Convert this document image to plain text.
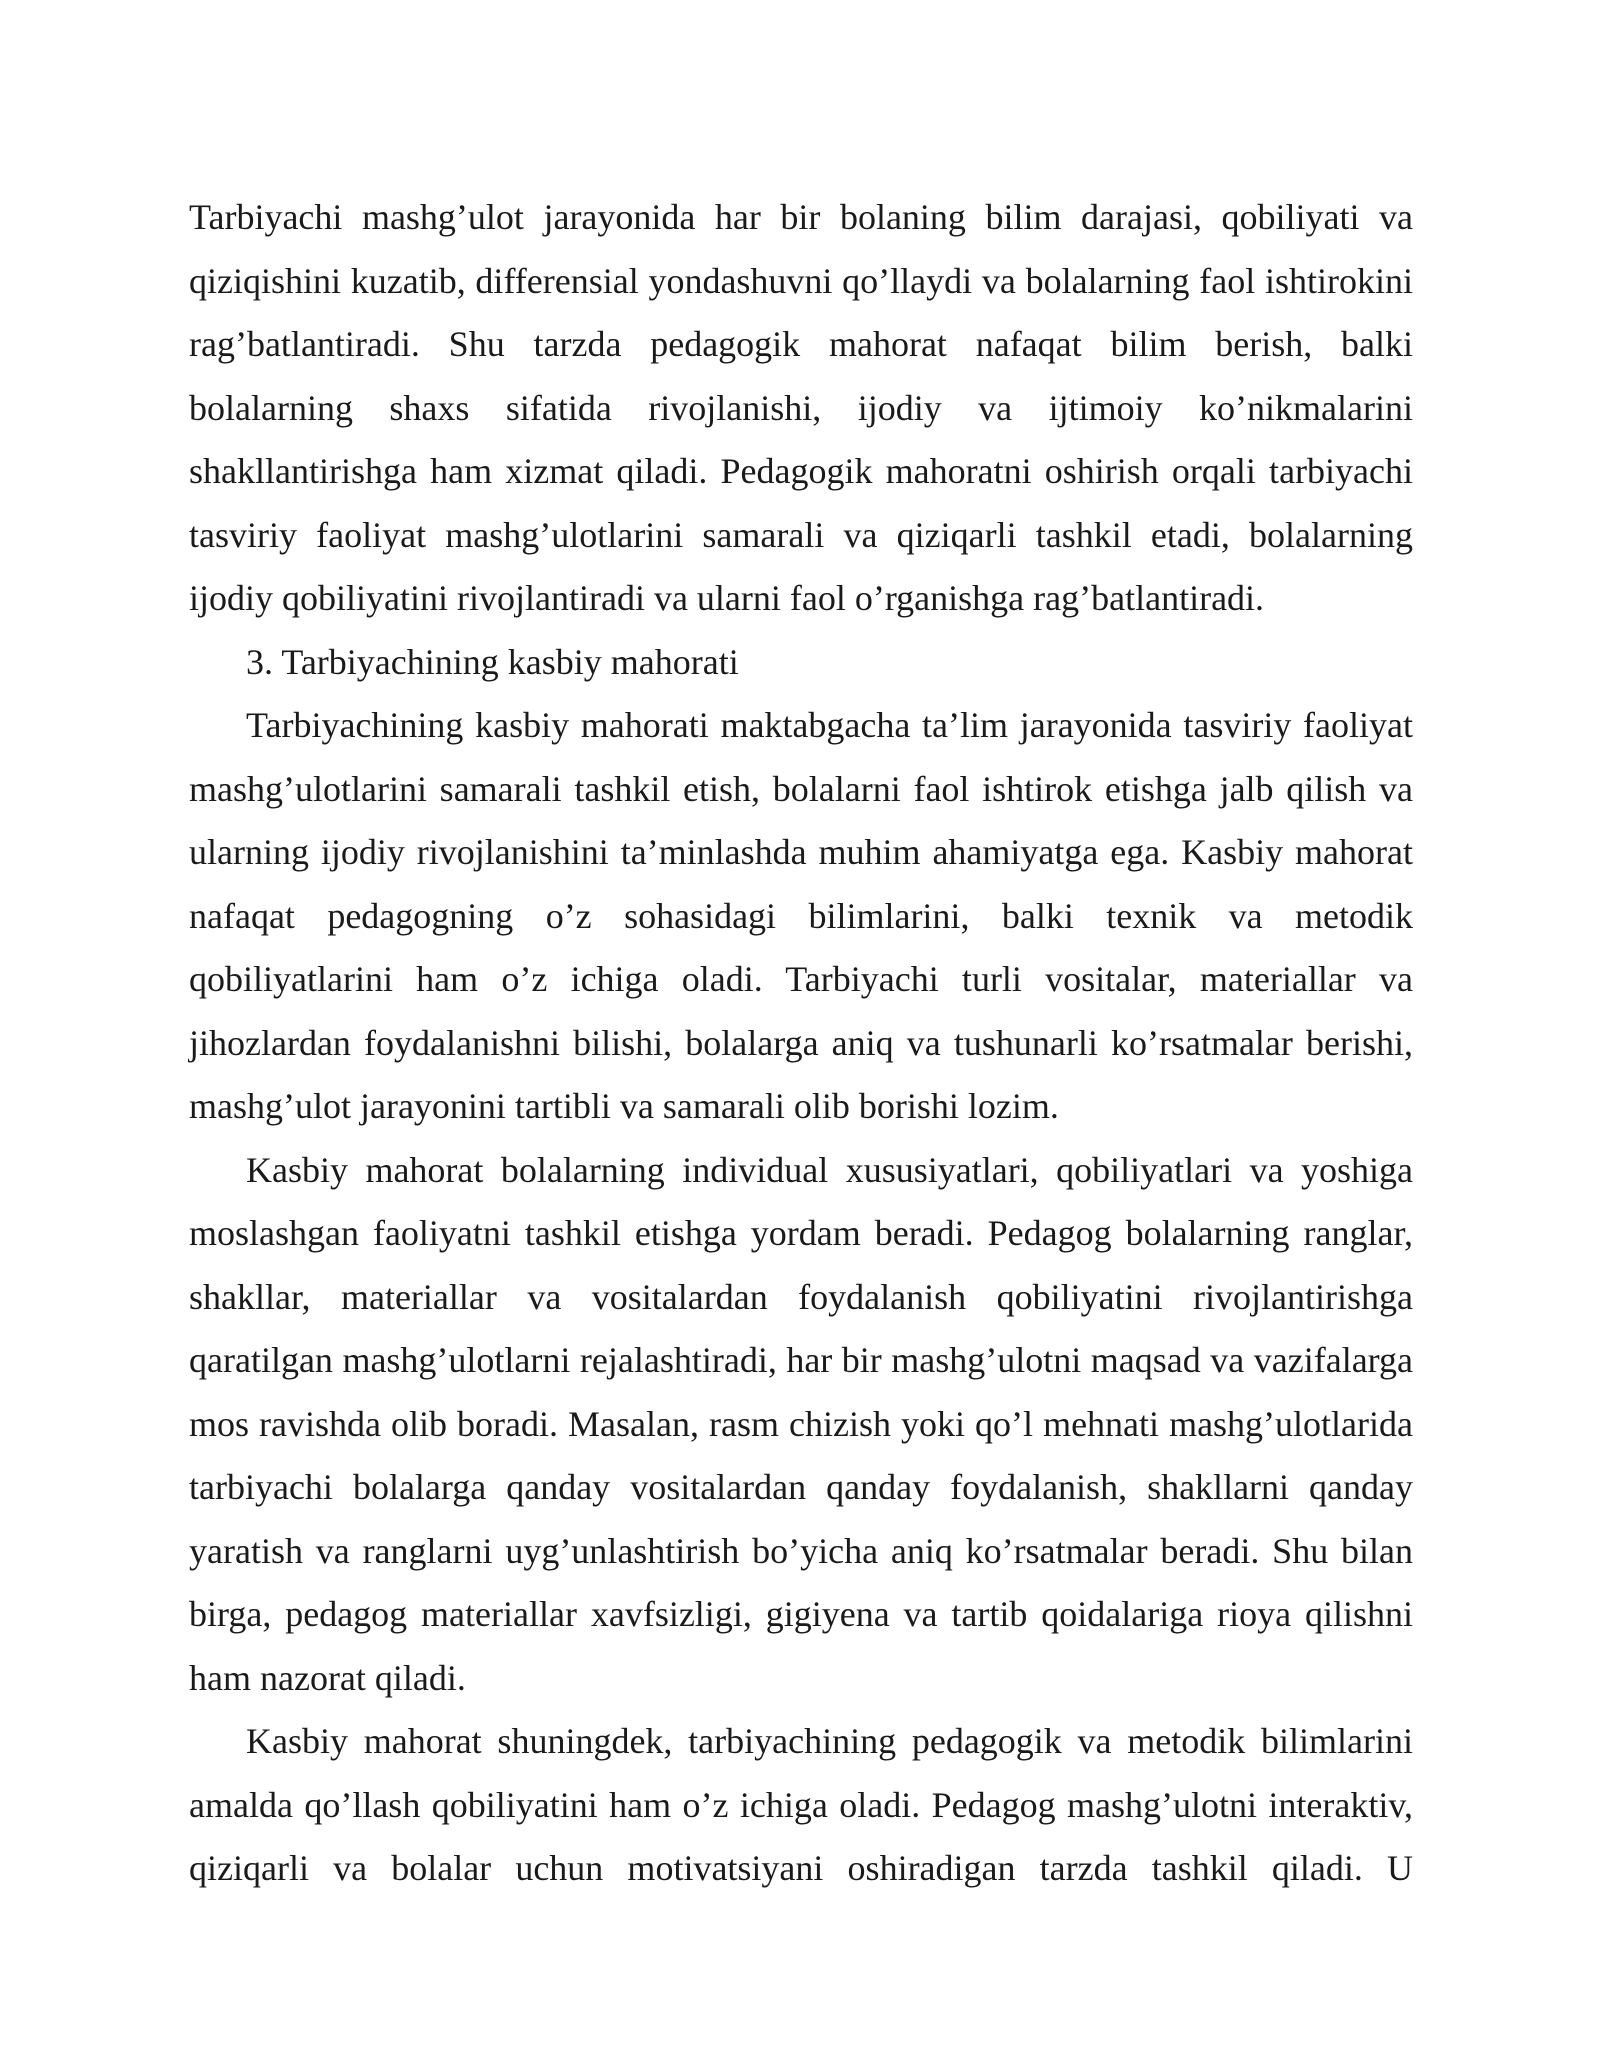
Tarbiyachi mashg’ulot jarayonida har bir bolaning bilim darajasi, qobiliyati va qiziqishini kuzatib, differensial yondashuvni qo’llaydi va bolalarning faol ishtirokini rag’batlantiradi. Shu tarzda pedagogik mahorat nafaqat bilim berish, balki bolalarning shaxs sifatida rivojlanishi, ijodiy va ijtimoiy ko’nikmalarini shakllantirishga ham xizmat qiladi. Pedagogik mahoratni oshirish orqali tarbiyachi tasviriy faoliyat mashg’ulotlarini samarali va qiziqarli tashkil etadi, bolalarning ijodiy qobiliyatini rivojlantiradi va ularni faol o’rganishga rag’batlantiradi.

3. Tarbiyachining kasbiy mahorati

Tarbiyachining kasbiy mahorati maktabgacha ta’lim jarayonida tasviriy faoliyat mashg’ulotlarini samarali tashkil etish, bolalarni faol ishtirok etishga jalb qilish va ularning ijodiy rivojlanishini ta’minlashda muhim ahamiyatga ega. Kasbiy mahorat nafaqat pedagogning o’z sohasidagi bilimlarini, balki texnik va metodik qobiliyatlarini ham o’z ichiga oladi. Tarbiyachi turli vositalar, materiallar va jihozlardan foydalanishni bilishi, bolalarga aniq va tushunarli ko’rsatmalar berishi, mashg’ulot jarayonini tartibli va samarali olib borishi lozim.

Kasbiy mahorat bolalarning individual xususiyatlari, qobiliyatlari va yoshiga moslashgan faoliyatni tashkil etishga yordam beradi. Pedagog bolalarning ranglar, shakllar, materiallar va vositalardan foydalanish qobiliyatini rivojlantirishga qaratilgan mashg’ulotlarni rejalashtiradi, har bir mashg’ulotni maqsad va vazifalarga mos ravishda olib boradi. Masalan, rasm chizish yoki qo’l mehnati mashg’ulotlarida tarbiyachi bolalarga qanday vositalardan qanday foydalanish, shakllarni qanday yaratish va ranglarni uyg’unlashtirish bo’yicha aniq ko’rsatmalar beradi. Shu bilan birga, pedagog materiallar xavfsizligi, gigiyena va tartib qoidalariga rioya qilishni ham nazorat qiladi.

Kasbiy mahorat shuningdek, tarbiyachining pedagogik va metodik bilimlarini amalda qo’llash qobiliyatini ham o’z ichiga oladi. Pedagog mashg’ulotni interaktiv, qiziqarli va bolalar uchun motivatsiyani oshiradigan tarzda tashkil qiladi. U
